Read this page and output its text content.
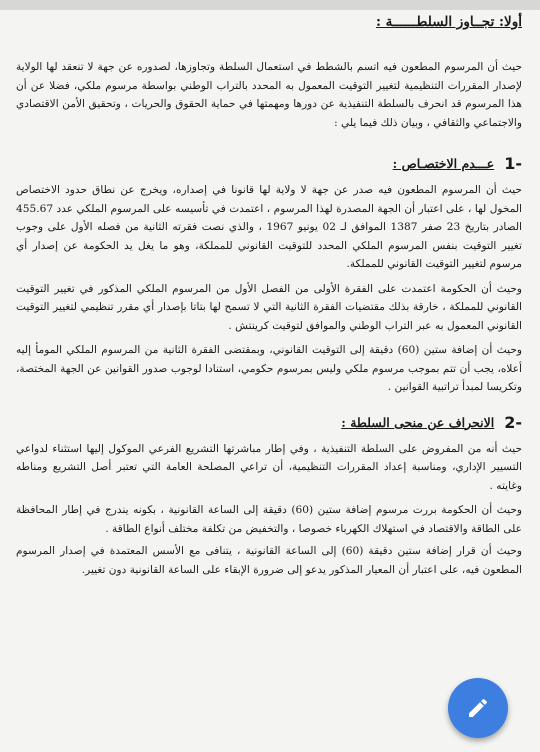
أولا: تجــاوز السلطــــــة :

حيث أن المرسوم المطعون فيه اتسم بالشطط في استعمال السلطة وتجاوزها، لصدوره عن جهة لا تنعقد لها الولاية لإصدار المقررات التنظيمية لتغيير التوقيت المعمول به المحدد بالتراب الوطني بواسطة مرسوم ملكي، فضلا عن أن هذا المرسوم قد انحرف بالسلطة التنفيذية عن دورها ومهمتها في حماية الحقوق والحريات ، وتحقيق الأمن الاقتصادي والاجتماعي والثقافي ، وبيان ذلك فيما يلي :

-1
عـــدم الاختصـاص :

حيث أن المرسوم المطعون فيه صدر عن جهة لا ولاية لها قانونا في إصداره، ويخرج عن نطاق حدود الاختصاص المخول لها ، على اعتبار أن الجهة المصدرة لهذا المرسوم ، اعتمدت في تأسيسه على المرسوم الملكي عدد 455.67 الصادر بتاريخ 23 صفر 1387 الموافق لـ 02 يونيو 1967 ، والذي نصت فقرته الثانية من فصله الأول على وجوب تغيير التوقيت بنفس المرسوم الملكي المحدد للتوقيت القانوني للمملكة، وهو ما يغل يد الحكومة عن إصدار أي مرسوم لتغيير التوقيت القانوني للمملكة.

وحيث أن الحكومة اعتمدت على الفقرة الأولى من الفصل الأول من المرسوم الملكي المذكور في تغيير التوقيت القانوني للمملكة ، خارقة بذلك مقتضيات الفقرة الثانية التي لا تسمح لها بتاتا بإصدار أي مقرر تنظيمي لتغيير التوقيت القانوني المعمول به عبر التراب الوطني والموافق لتوقيت كرينتش .

وحيث أن إضافة ستين (60) دقيقة إلى التوقيت القانوني، وبمقتضى الفقرة الثانية من المرسوم الملكي المومأ إليه أعلاه، يجب أن تتم بموجب مرسوم ملكي وليس بمرسوم حكومي، استنادا لوجوب صدور القوانين عن الجهة المختصة، وتكريسا لمبدأ تراتبية القوانين .

-2
الانحراف عن منحى السلطة :

حيث أنه من المفروض على السلطة التنفيذية ، وفي إطار مباشرتها التشريع الفرعي الموكول إليها استثناء لدواعي التسيير الإداري، ومناسبة إعداد المقررات التنظيمية، أن تراعي المصلحة العامة التي تعتبر أصل التشريع ومناطه وغايته .

وحيث أن الحكومة بررت مرسوم إضافة ستين (60) دقيقة إلى الساعة القانونية ، بكونه يندرج في إطار المحافظة على الطاقة والاقتصاد في استهلاك الكهرباء خصوصا ، والتخفيض من تكلفة مختلف أنواع الطاقة .

وحيث أن قرار إضافة ستين دقيقة (60) إلى الساعة القانونية ، يتنافى مع الأسس المعتمدة في إصدار المرسوم المطعون فيه، على اعتبار أن المعيار المذكور يدعو إلى ضرورة الإبقاء على الساعة القانونية دون تغيير.
